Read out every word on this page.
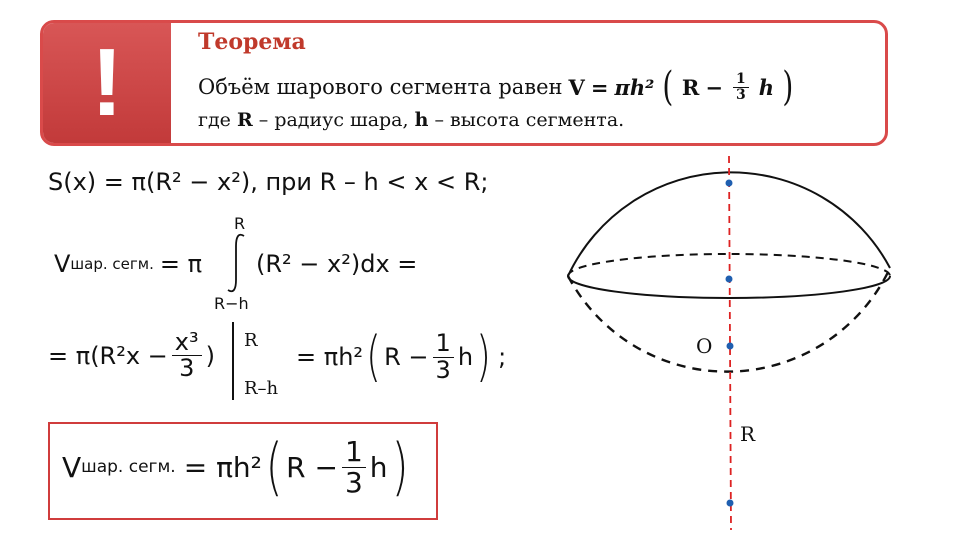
!	Теорема
Объём шарового сегмента равен V = πh² ( $R - \frac{1}{3}$ h )
где R – радиус шара, h – высота сегмента.
S(x) = π(R² − x²), при R – h < x < R;
V шар. сегм. = π
R
R−h
(R² − x²)dx =
= $\pi(R^2x - \frac{\text{x³}}{3}$ )
R
R–h
= πh² ( $R - \frac{1}{3}$ h ) ;
V шар. сегм. = πh² ( $R - \frac{1}{3}$ h )
O
R
